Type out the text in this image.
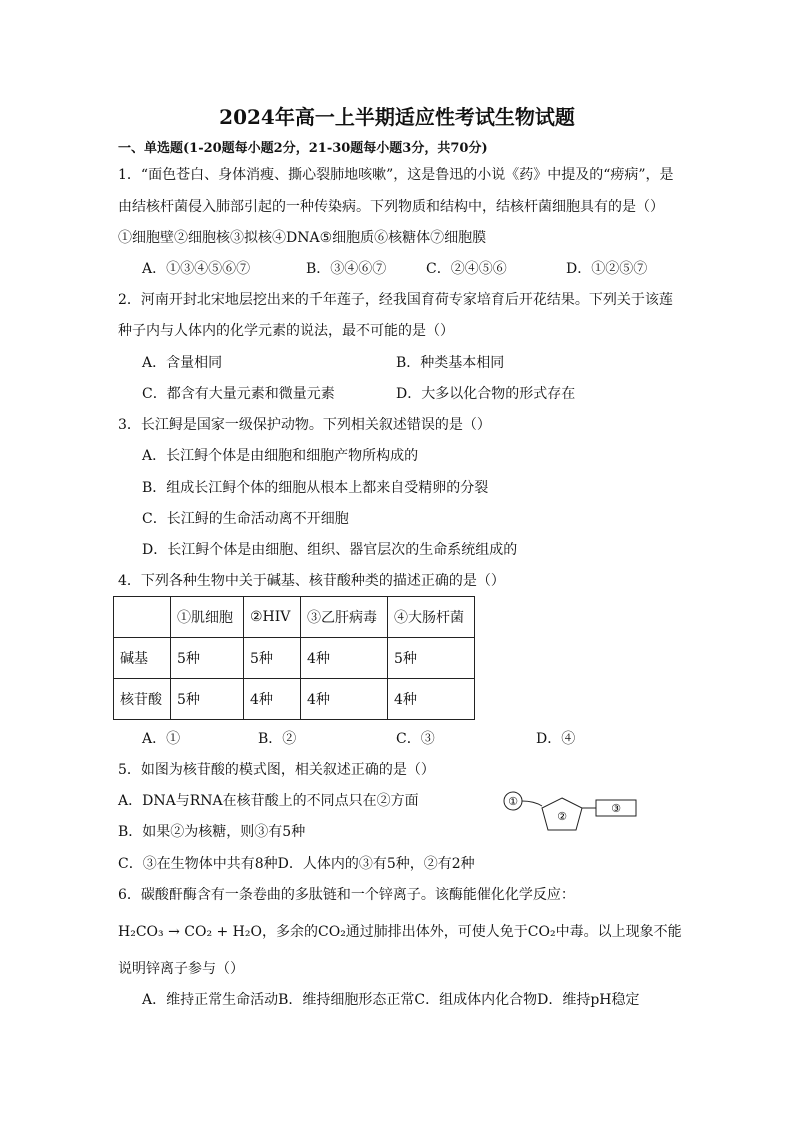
2024年高一上半期适应性考试生物试题
一、单选题(1-20题每小题2分，21-30题每小题3分，共70分)
1．“面色苍白、身体消瘦、撕心裂肺地咳嗽”，这是鲁迅的小说《药》中提及的“痨病”，是
由结核杆菌侵入肺部引起的一种传染病。下列物质和结构中，结核杆菌细胞具有的是（）
①细胞壁②细胞核③拟核④DNA⑤细胞质⑥核糖体⑦细胞膜
A．①③④⑤⑥⑦	B．③④⑥⑦	C．②④⑤⑥	D．①②⑤⑦
2．河南开封北宋地层挖出来的千年莲子，经我国育荷专家培育后开花结果。下列关于该莲
种子内与人体内的化学元素的说法，最不可能的是（）
A．含量相同	B．种类基本相同
C．都含有大量元素和微量元素	D．大多以化合物的形式存在
3．长江鲟是国家一级保护动物。下列相关叙述错误的是（）
A．长江鲟个体是由细胞和细胞产物所构成的
B．组成长江鲟个体的细胞从根本上都来自受精卵的分裂
C．长江鲟的生命活动离不开细胞
D．长江鲟个体是由细胞、组织、器官层次的生命系统组成的
4．下列各种生物中关于碱基、核苷酸种类的描述正确的是（）
	①肌细胞	②HIV	③乙肝病毒	④大肠杆菌
碱基	5种	5种	4种	5种
核苷酸	5种	4种	4种	4种
A．①	B．②	C．③	D．④
5．如图为核苷酸的模式图，相关叙述正确的是（）
A．DNA与RNA在核苷酸上的不同点只在②方面
B．如果②为核糖，则③有5种
C．③在生物体中共有8种D．人体内的③有5种，②有2种
①
②
③
6．碳酸酐酶含有一条卷曲的多肽链和一个锌离子。该酶能催化化学反应：
H₂CO₃ → CO₂ + H₂O，多余的CO₂通过肺排出体外，可使人免于CO₂中毒。以上现象不能
说明锌离子参与（）
A．维持正常生命活动B．维持细胞形态正常C．组成体内化合物D．维持pH稳定
